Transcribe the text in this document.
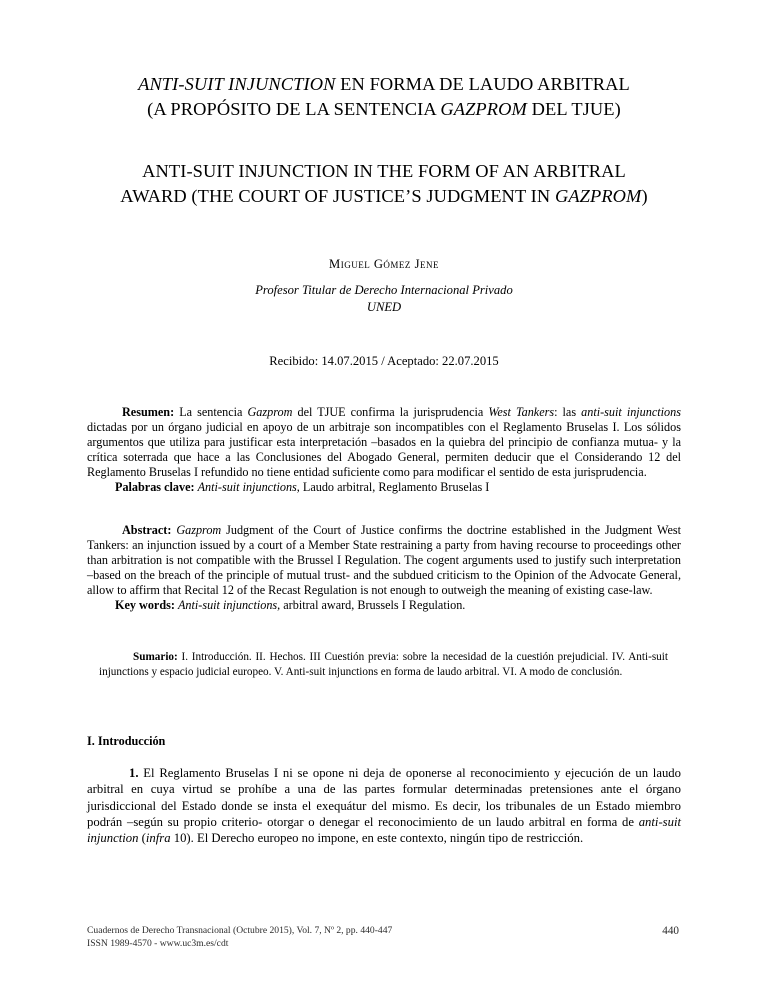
ANTI-SUIT INJUNCTION EN FORMA DE LAUDO ARBITRAL
(A PROPÓSITO DE LA SENTENCIA GAZPROM DEL TJUE)
ANTI-SUIT INJUNCTION IN THE FORM OF AN ARBITRAL
AWARD (THE COURT OF JUSTICE’S JUDGMENT IN GAZPROM)
Miguel Gómez Jene
Profesor Titular de Derecho Internacional Privado
UNED
Recibido: 14.07.2015 / Aceptado: 22.07.2015

Resumen: La sentencia Gazprom del TJUE confirma la jurisprudencia West Tankers: las anti-suit injunctions dictadas por un órgano judicial en apoyo de un arbitraje son incompatibles con el Reglamento Bruselas I. Los sólidos argumentos que utiliza para justificar esta interpretación –basados en la quiebra del principio de confianza mutua- y la crítica soterrada que hace a las Conclusiones del Abogado General, permiten deducir que el Considerando 12 del Reglamento Bruselas I refundido no tiene entidad suficiente como para modificar el sentido de esta jurisprudencia.

Palabras clave: Anti-suit injunctions, Laudo arbitral, Reglamento Bruselas I

Abstract: Gazprom Judgment of the Court of Justice confirms the doctrine established in the Judgment West Tankers: an injunction issued by a court of a Member State restraining a party from having recourse to proceedings other than arbitration is not compatible with the Brussel I Regulation. The cogent arguments used to justify such interpretation –based on the breach of the principle of mutual trust- and the subdued criticism to the Opinion of the Advocate General, allow to affirm that Recital 12 of the Recast Regulation is not enough to outweigh the meaning of existing case-law.

Key words: Anti-suit injunctions, arbitral award, Brussels I Regulation.

Sumario: I. Introducción. II. Hechos. III Cuestión previa: sobre la necesidad de la cuestión prejudicial. IV. Anti-suit injunctions y espacio judicial europeo. V. Anti-suit injunctions en forma de laudo arbitral. VI. A modo de conclusión.
I. Introducción

1. El Reglamento Bruselas I ni se opone ni deja de oponerse al reconocimiento y ejecución de un laudo arbitral en cuya virtud se prohíbe a una de las partes formular determinadas pretensiones ante el órgano jurisdiccional del Estado donde se insta el exequátur del mismo. Es decir, los tribunales de un Estado miembro podrán –según su propio criterio- otorgar o denegar el reconocimiento de un laudo arbitral en forma de anti-suit injunction (infra 10). El Derecho europeo no impone, en este contexto, ningún tipo de restricción.

Cuadernos de Derecho Transnacional (Octubre 2015), Vol. 7, Nº 2, pp. 440-447
ISSN 1989-4570 - www.uc3m.es/cdt
440
